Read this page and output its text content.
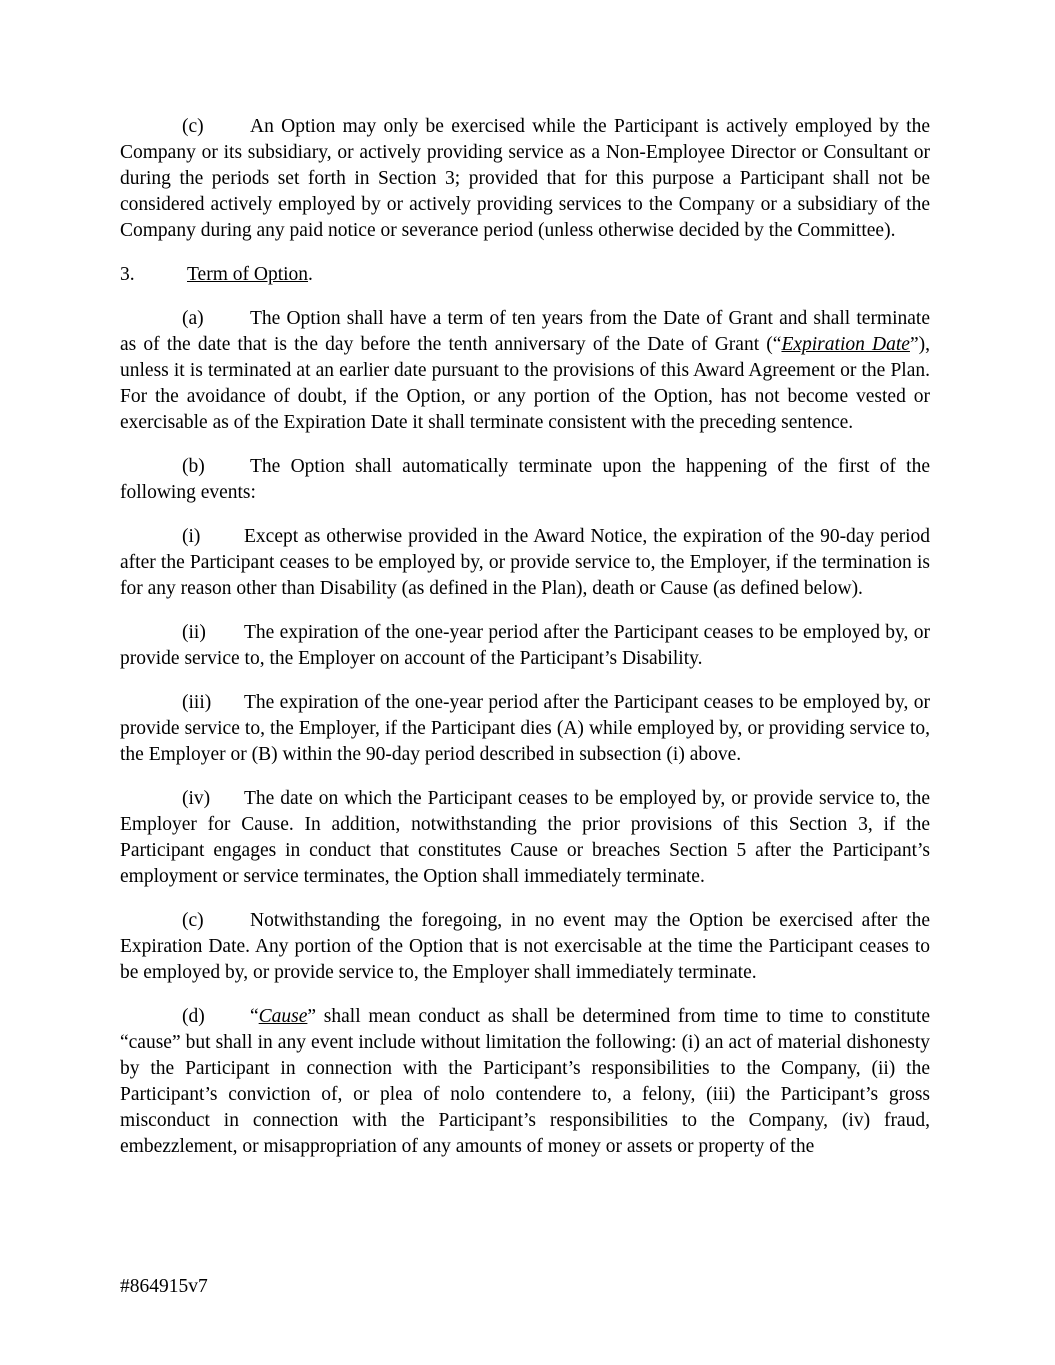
(c) An Option may only be exercised while the Participant is actively employed by the Company or its subsidiary, or actively providing service as a Non-Employee Director or Consultant or during the periods set forth in Section 3; provided that for this purpose a Participant shall not be considered actively employed by or actively providing services to the Company or a subsidiary of the Company during any paid notice or severance period (unless otherwise decided by the Committee).

3.	Term of Option.

(a) The Option shall have a term of ten years from the Date of Grant and shall terminate as of the date that is the day before the tenth anniversary of the Date of Grant (“Expiration Date”), unless it is terminated at an earlier date pursuant to the provisions of this Award Agreement or the Plan. For the avoidance of doubt, if the Option, or any portion of the Option, has not become vested or exercisable as of the Expiration Date it shall terminate consistent with the preceding sentence.

(b) The Option shall automatically terminate upon the happening of the first of the following events:

(i) Except as otherwise provided in the Award Notice, the expiration of the 90-day period after the Participant ceases to be employed by, or provide service to, the Employer, if the termination is for any reason other than Disability (as defined in the Plan), death or Cause (as defined below).

(ii) The expiration of the one-year period after the Participant ceases to be employed by, or provide service to, the Employer on account of the Participant’s Disability.

(iii) The expiration of the one-year period after the Participant ceases to be employed by, or provide service to, the Employer, if the Participant dies (A) while employed by, or providing service to, the Employer or (B) within the 90-day period described in subsection (i) above.

(iv) The date on which the Participant ceases to be employed by, or provide service to, the Employer for Cause. In addition, notwithstanding the prior provisions of this Section 3, if the Participant engages in conduct that constitutes Cause or breaches Section 5 after the Participant’s employment or service terminates, the Option shall immediately terminate.

(c) Notwithstanding the foregoing, in no event may the Option be exercised after the Expiration Date. Any portion of the Option that is not exercisable at the time the Participant ceases to be employed by, or provide service to, the Employer shall immediately terminate.

(d) “Cause” shall mean conduct as shall be determined from time to time to constitute “cause” but shall in any event include without limitation the following: (i) an act of material dishonesty by the Participant in connection with the Participant’s responsibilities to the Company, (ii) the Participant’s conviction of, or plea of nolo contendere to, a felony, (iii) the Participant’s gross misconduct in connection with the Participant’s responsibilities to the Company, (iv) fraud, embezzlement, or misappropriation of any amounts of money or assets or property of the

#864915v7
